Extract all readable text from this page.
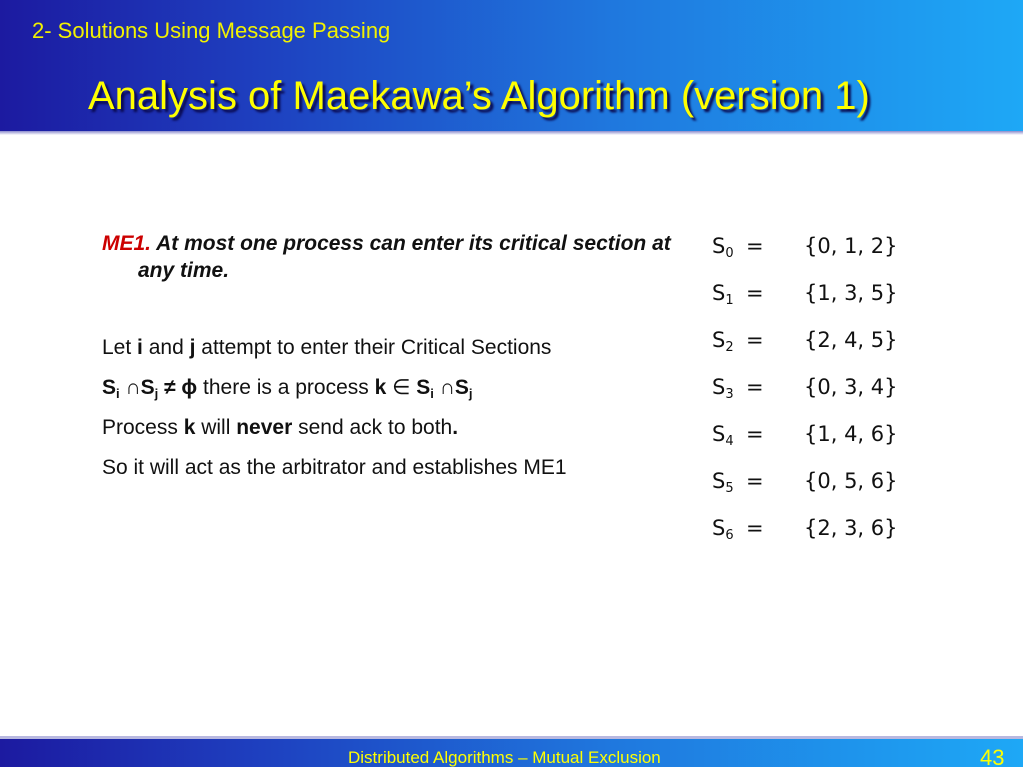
2- Solutions Using Message Passing
Analysis of Maekawa’s Algorithm (version 1)

ME1. At most one process can enter its critical section at any time.

Let i and j attempt to enter their Critical Sections

$S_i$ $\cap S_j \ne \phi$ there is a process k ∈ $S_i$ $\cap S_j$

Process k will never send ack to both.

So it will act as the arbitrator and establishes ME1

$S_0 = \{0$, 1, 2}
$S_1 = \{1$, 3, 5}
$S_2 = \{2$, 4, 5}
$S_3 = \{0$, 3, 4}
$S_4 = \{1$, 4, 6}
$S_5 = \{0$, 5, 6}
$S_6 = \{2$, 3, 6}
Distributed Algorithms – Mutual Exclusion	43
